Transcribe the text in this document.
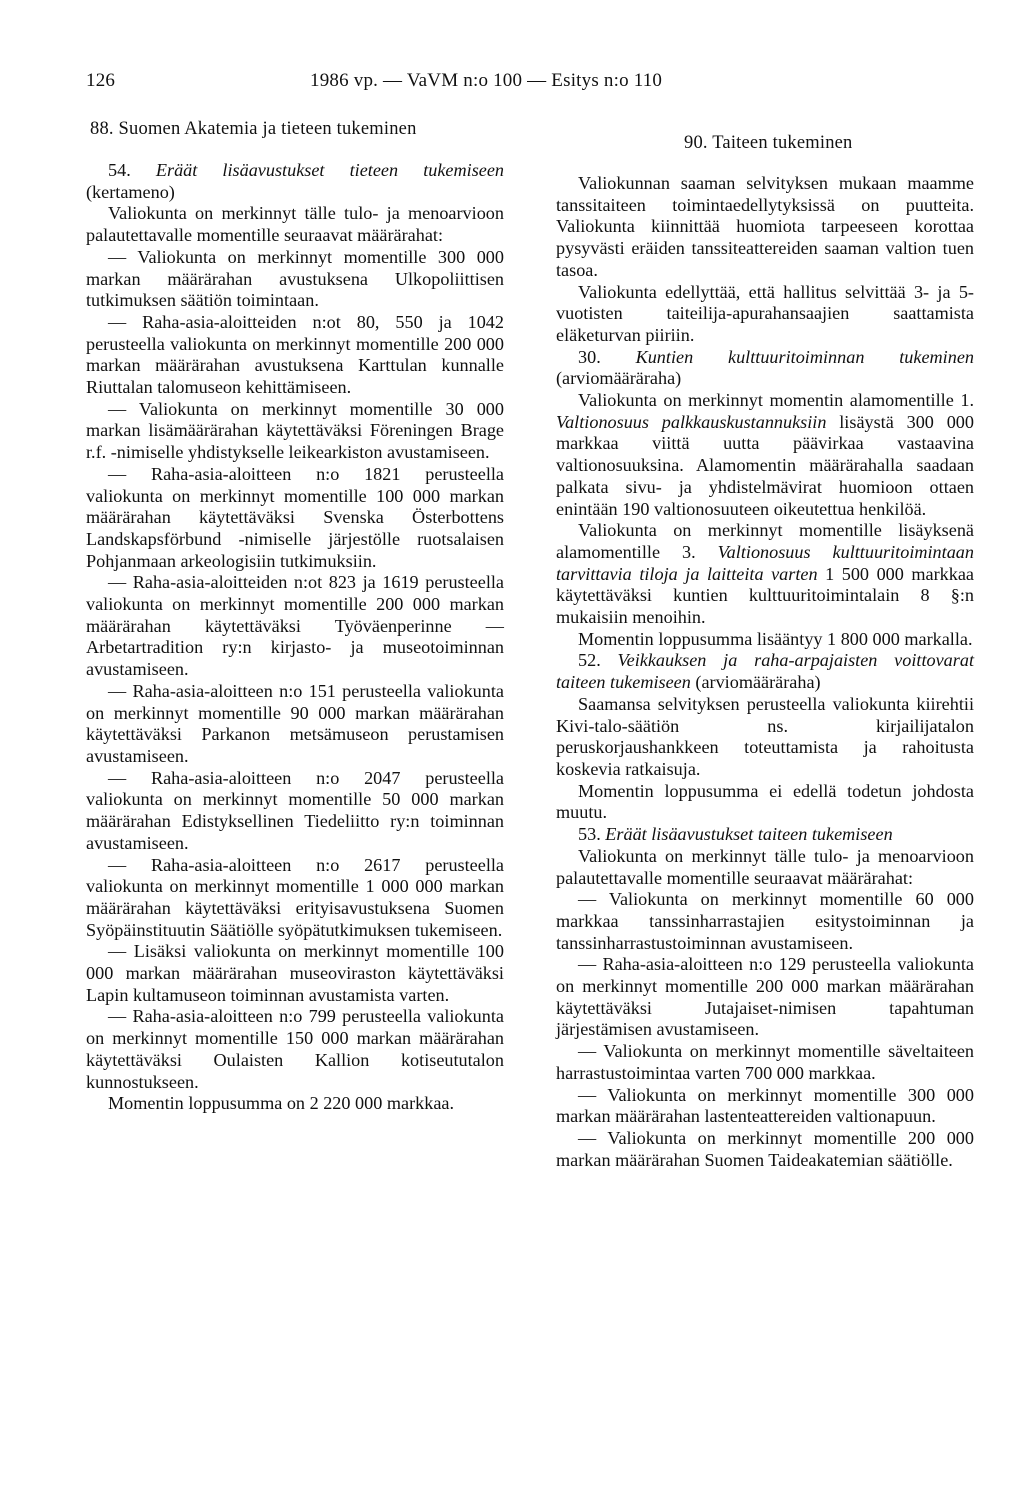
126	1986 vp. — VaVM n:o 100 — Esitys n:o 110
88. Suomen Akatemia ja tieteen tukeminen

54. Eräät lisäavustukset tieteen tukemiseen (kertameno)

Valiokunta on merkinnyt tälle tulo- ja menoarvioon palautettavalle momentille seuraavat määrärahat:

— Valiokunta on merkinnyt momentille 300 000 markan määrärahan avustuksena Ulkopoliittisen tutkimuksen säätiön toimintaan.

— Raha-asia-aloitteiden n:ot 80, 550 ja 1042 perusteella valiokunta on merkinnyt momentille 200 000 markan määrärahan avustuksena Karttulan kunnalle Riuttalan talomuseon kehittämiseen.

— Valiokunta on merkinnyt momentille 30 000 markan lisämäärärahan käytettäväksi Föreningen Brage r.f. -nimiselle yhdistykselle leikearkiston avustamiseen.

— Raha-asia-aloitteen n:o 1821 perusteella valiokunta on merkinnyt momentille 100 000 markan määrärahan käytettäväksi Svenska Österbottens Landskapsförbund -nimiselle järjestölle ruotsalaisen Pohjanmaan arkeologisiin tutkimuksiin.

— Raha-asia-aloitteiden n:ot 823 ja 1619 perusteella valiokunta on merkinnyt momentille 200 000 markan määrärahan käytettäväksi Työväenperinne — Arbetartradition ry:n kirjasto- ja museotoiminnan avustamiseen.

— Raha-asia-aloitteen n:o 151 perusteella valiokunta on merkinnyt momentille 90 000 markan määrärahan käytettäväksi Parkanon metsämuseon perustamisen avustamiseen.

— Raha-asia-aloitteen n:o 2047 perusteella valiokunta on merkinnyt momentille 50 000 markan määrärahan Edistyksellinen Tiedeliitto ry:n toiminnan avustamiseen.

— Raha-asia-aloitteen n:o 2617 perusteella valiokunta on merkinnyt momentille 1 000 000 markan määrärahan käytettäväksi erityisavustuksena Suomen Syöpäinstituutin Säätiölle syöpätutkimuksen tukemiseen.

— Lisäksi valiokunta on merkinnyt momentille 100 000 markan määrärahan museoviraston käytettäväksi Lapin kultamuseon toiminnan avustamista varten.

— Raha-asia-aloitteen n:o 799 perusteella valiokunta on merkinnyt momentille 150 000 markan määrärahan käytettäväksi Oulaisten Kallion kotiseututalon kunnostukseen.

Momentin loppusumma on 2 220 000 markkaa.

90. Taiteen tukeminen

Valiokunnan saaman selvityksen mukaan maamme tanssitaiteen toimintaedellytyksissä on puutteita. Valiokunta kiinnittää huomiota tarpeeseen korottaa pysyvästi eräiden tanssiteattereiden saaman valtion tuen tasoa.

Valiokunta edellyttää, että hallitus selvittää 3- ja 5-vuotisten taiteilija-apurahansaajien saattamista eläketurvan piiriin.

30. Kuntien kulttuuritoiminnan tukeminen (arviomääräraha)

Valiokunta on merkinnyt momentin alamomentille 1. Valtionosuus palkkauskustannuksiin lisäystä 300 000 markkaa viittä uutta päävirkaa vastaavina valtionosuuksina. Alamomentin määrärahalla saadaan palkata sivu- ja yhdistelmävirat huomioon ottaen enintään 190 valtionosuuteen oikeutettua henkilöä.

Valiokunta on merkinnyt momentille lisäyksenä alamomentille 3. Valtionosuus kulttuuritoimintaan tarvittavia tiloja ja laitteita varten 1 500 000 markkaa käytettäväksi kuntien kulttuuritoimintalain 8 §:n mukaisiin menoihin.

Momentin loppusumma lisääntyy 1 800 000 markalla.

52. Veikkauksen ja raha-arpajaisten voittovarat taiteen tukemiseen (arviomääräraha)

Saamansa selvityksen perusteella valiokunta kiirehtii Kivi-talo-säätiön ns. kirjailijatalon peruskorjaushankkeen toteuttamista ja rahoitusta koskevia ratkaisuja.

Momentin loppusumma ei edellä todetun johdosta muutu.

53. Eräät lisäavustukset taiteen tukemiseen

Valiokunta on merkinnyt tälle tulo- ja menoarvioon palautettavalle momentille seuraavat määrärahat:

— Valiokunta on merkinnyt momentille 60 000 markkaa tanssinharrastajien esitystoiminnan ja tanssinharrastustoiminnan avustamiseen.

— Raha-asia-aloitteen n:o 129 perusteella valiokunta on merkinnyt momentille 200 000 markan määrärahan käytettäväksi Jutajaiset-nimisen tapahtuman järjestämisen avustamiseen.

— Valiokunta on merkinnyt momentille säveltaiteen harrastustoimintaa varten 700 000 markkaa.

— Valiokunta on merkinnyt momentille 300 000 markan määrärahan lastenteattereiden valtionapuun.

— Valiokunta on merkinnyt momentille 200 000 markan määrärahan Suomen Taideakatemian säätiölle.
